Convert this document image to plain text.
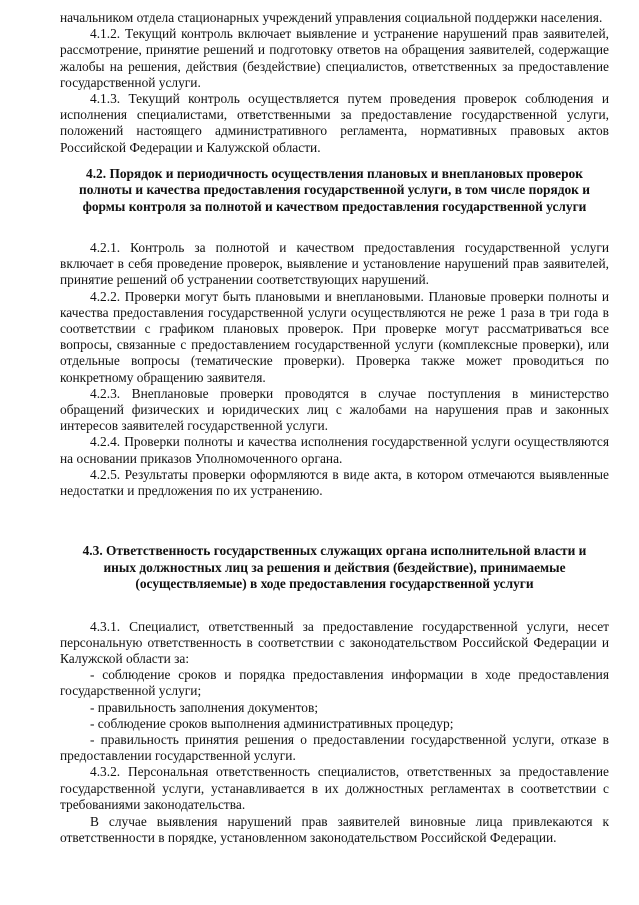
начальником отдела стационарных учреждений управления социальной поддержки населения.

4.1.2. Текущий контроль включает выявление и устранение нарушений прав заявителей, рассмотрение, принятие решений и подготовку ответов на обращения заявителей, содержащие жалобы на решения, действия (бездействие) специалистов, ответственных за предоставление государственной услуги.

4.1.3. Текущий контроль осуществляется путем проведения проверок соблюдения и исполнения специалистами, ответственными за предоставление государственной услуги, положений настоящего административного регламента, нормативных правовых актов Российской Федерации и Калужской области.

4.2. Порядок и периодичность осуществления плановых и внеплановых проверок полноты и качества предоставления государственной услуги, в том числе порядок и формы контроля за полнотой и качеством предоставления государственной услуги

4.2.1. Контроль за полнотой и качеством предоставления государственной услуги включает в себя проведение проверок, выявление и установление нарушений прав заявителей, принятие решений об устранении соответствующих нарушений.

4.2.2. Проверки могут быть плановыми и внеплановыми. Плановые проверки полноты и качества предоставления государственной услуги осуществляются не реже 1 раза в три года в соответствии с графиком плановых проверок. При проверке могут рассматриваться все вопросы, связанные с предоставлением государственной услуги (комплексные проверки), или отдельные вопросы (тематические проверки). Проверка также может проводиться по конкретному обращению заявителя.

4.2.3. Внеплановые проверки проводятся в случае поступления в министерство обращений физических и юридических лиц с жалобами на нарушения прав и законных интересов заявителей государственной услуги.

4.2.4. Проверки полноты и качества исполнения государственной услуги осуществляются на основании приказов Уполномоченного органа.

4.2.5. Результаты проверки оформляются в виде акта, в котором отмечаются выявленные недостатки и предложения по их устранению.

4.3. Ответственность государственных служащих органа исполнительной власти и иных должностных лиц за решения и действия (бездействие), принимаемые (осуществляемые) в ходе предоставления государственной услуги

4.3.1. Специалист, ответственный за предоставление государственной услуги, несет персональную ответственность в соответствии с законодательством Российской Федерации и Калужской области за:

- соблюдение сроков и порядка предоставления информации в ходе предоставления государственной услуги;

- правильность заполнения документов;

- соблюдение сроков выполнения административных процедур;

- правильность принятия решения о предоставлении государственной услуги, отказе в предоставлении государственной услуги.

4.3.2. Персональная ответственность специалистов, ответственных за предоставление государственной услуги, устанавливается в их должностных регламентах в соответствии с требованиями законодательства.

В случае выявления нарушений прав заявителей виновные лица привлекаются к ответственности в порядке, установленном законодательством Российской Федерации.
